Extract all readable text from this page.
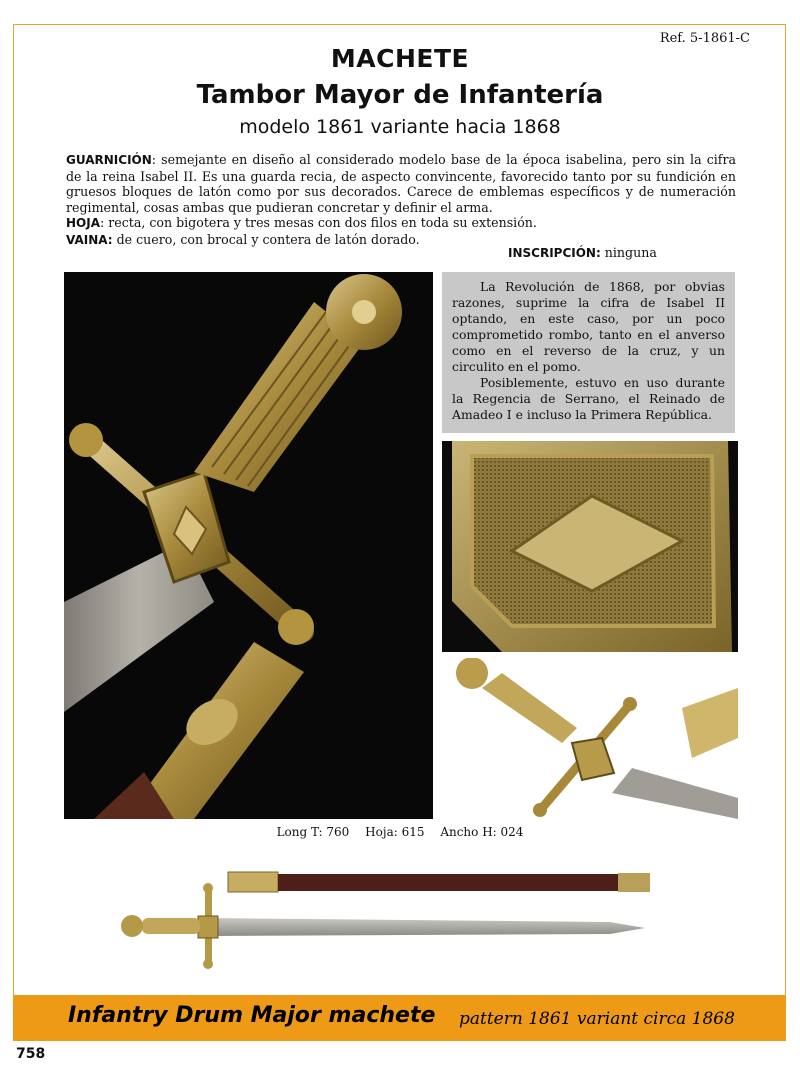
Ref. 5-1861-C
MACHETE
Tambor Mayor de Infantería
modelo 1861 variante hacia 1868

GUARNICIÓN: semejante en diseño al considerado modelo base de la época isabelina, pero sin la cifra de la reina Isabel II. Es una guarda recia, de aspecto convincente, favorecido tanto por su fundición en gruesos bloques de latón como por sus decorados. Carece de emblemas específicos y de numeración regimental, cosas ambas que pudieran concretar y definir el arma.

HOJA: recta, con bigotera y tres mesas con dos filos en toda su extensión.

VAINA: de cuero, con brocal y contera de latón dorado.

INSCRIPCIÓN: ninguna

La Revolución de 1868, por obvias razones, suprime la cifra de Isabel II optando, en este caso, por un poco comprometido rombo, tanto en el anverso como en el reverso de la cruz, y un circulito en el pomo.

Posiblemente, estuvo en uso durante la Regencia de Serrano, el Reinado de Amadeo I e incluso la Primera República.

Long T: 760 Hoja: 615 Ancho H: 024
Infantry Drum Major machete pattern 1861 variant circa 1868
758
